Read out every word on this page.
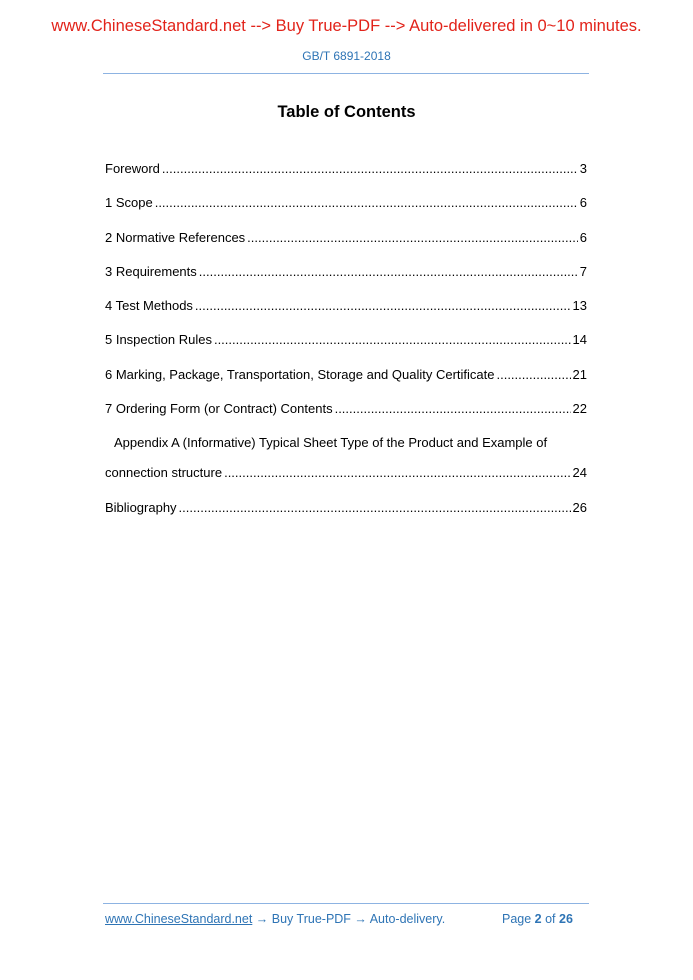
www.ChineseStandard.net --> Buy True-PDF --> Auto-delivered in 0~10 minutes.
GB/T 6891-2018
Table of Contents
Foreword .....	3
1 Scope .....	6
2 Normative References .....	6
3 Requirements .....	7
4 Test Methods .....	13
5 Inspection Rules .....	14
6 Marking, Package, Transportation, Storage and Quality Certificate .....	21
7 Ordering Form (or Contract) Contents .....	22
Appendix A (Informative) Typical Sheet Type of the Product and Example of
connection structure .....	24
Bibliography .....	26
www.ChineseStandard.net → Buy True-PDF → Auto-delivery.	Page 2 of 26
